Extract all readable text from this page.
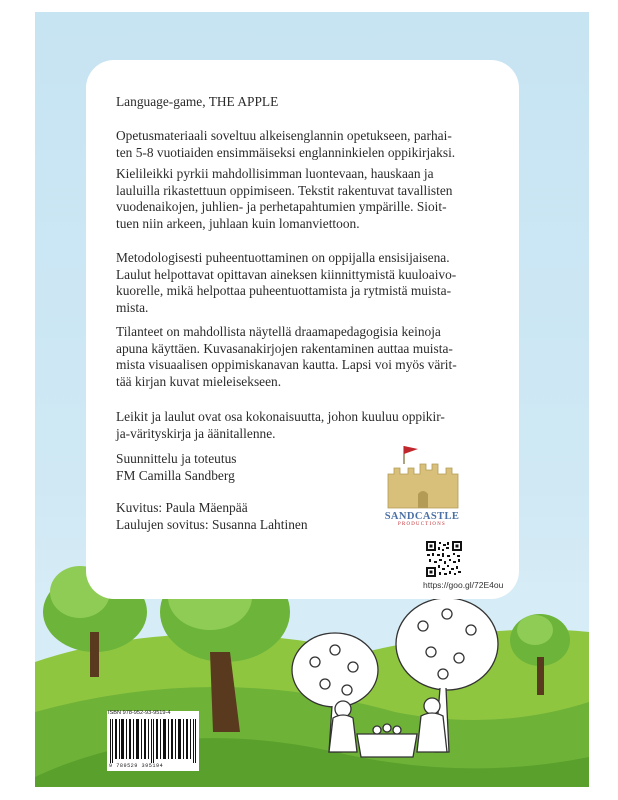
ISBN 978-952-93-9519-4
9 789529 395194

Language-game, THE APPLE

Opetusmateriaali soveltuu alkeisenglannin opetukseen, parhai-

ten 5-8 vuotiaiden ensimmäiseksi englanninkielen oppikirjaksi.

Kielileikki pyrkii mahdollisimman luontevaan, hauskaan ja

lauluilla rikastettuun oppimiseen. Tekstit rakentuvat tavallisten

vuodenaikojen, juhlien- ja perhetapahtumien ympärille. Sioit-

tuen niin arkeen, juhlaan kuin lomanviettoon.

Metodologisesti puheentuottaminen on oppijalla ensisijaisena.

Laulut helpottavat opittavan aineksen kiinnittymistä kuuloaivo-

kuorelle, mikä helpottaa puheentuottamista ja rytmistä muista-

mista.

Tilanteet on mahdollista näytellä draamapedagogisia keinoja

apuna käyttäen. Kuvasanakirjojen rakentaminen auttaa muista-

mista visuaalisen oppimiskanavan kautta. Lapsi voi myös värit-

tää kirjan kuvat mieleisekseen.

Leikit ja laulut ovat osa kokonaisuutta, johon kuuluu oppikir-

ja-värityskirja ja äänitallenne.

Suunnittelu ja toteutus

FM Camilla Sandberg

Kuvitus: Paula Mäenpää

Laulujen sovitus: Susanna Lahtinen	SANDCASTLE
PRODUCTIONS
https://goo.gl/72E4ou
